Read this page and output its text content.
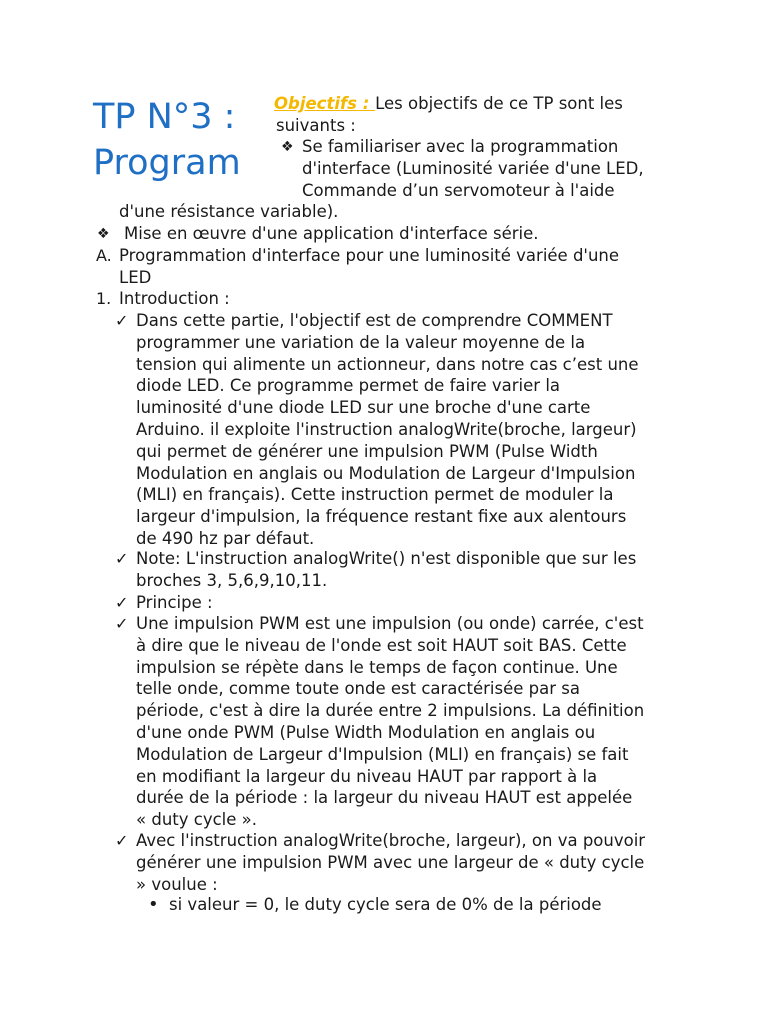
TP N°3 : Program
Objectifs : Les objectifs de ce TP sont les
suivants :
❖ Se familiariser avec la programmation
d'interface (Luminosité variée d'une LED,
Commande d’un servomoteur à l'aide
d'une résistance variable).
❖ Mise en œuvre d'une application d'interface série.
A. Programmation d'interface pour une luminosité variée d'une
LED
1. Introduction :
✓ Dans cette partie, l'objectif est de comprendre COMMENT
programmer une variation de la valeur moyenne de la
tension qui alimente un actionneur, dans notre cas c’est une
diode LED. Ce programme permet de faire varier la
luminosité d'une diode LED sur une broche d'une carte
Arduino. il exploite l'instruction analogWrite(broche, largeur)
qui permet de générer une impulsion PWM (Pulse Width
Modulation en anglais ou Modulation de Largeur d'Impulsion
(MLI) en français). Cette instruction permet de moduler la
largeur d'impulsion, la fréquence restant fixe aux alentours
de 490 hz par défaut.
✓ Note: L'instruction analogWrite() n'est disponible que sur les
broches 3, 5,6,9,10,11.
✓ Principe :
✓ Une impulsion PWM est une impulsion (ou onde) carrée, c'est
à dire que le niveau de l'onde est soit HAUT soit BAS. Cette
impulsion se répète dans le temps de façon continue. Une
telle onde, comme toute onde est caractérisée par sa
période, c'est à dire la durée entre 2 impulsions. La définition
d'une onde PWM (Pulse Width Modulation en anglais ou
Modulation de Largeur d'Impulsion (MLI) en français) se fait
en modifiant la largeur du niveau HAUT par rapport à la
durée de la période : la largeur du niveau HAUT est appelée
« duty cycle ».
✓ Avec l'instruction analogWrite(broche, largeur), on va pouvoir
générer une impulsion PWM avec une largeur de « duty cycle
» voulue :
• si valeur = 0, le duty cycle sera de 0% de la période
